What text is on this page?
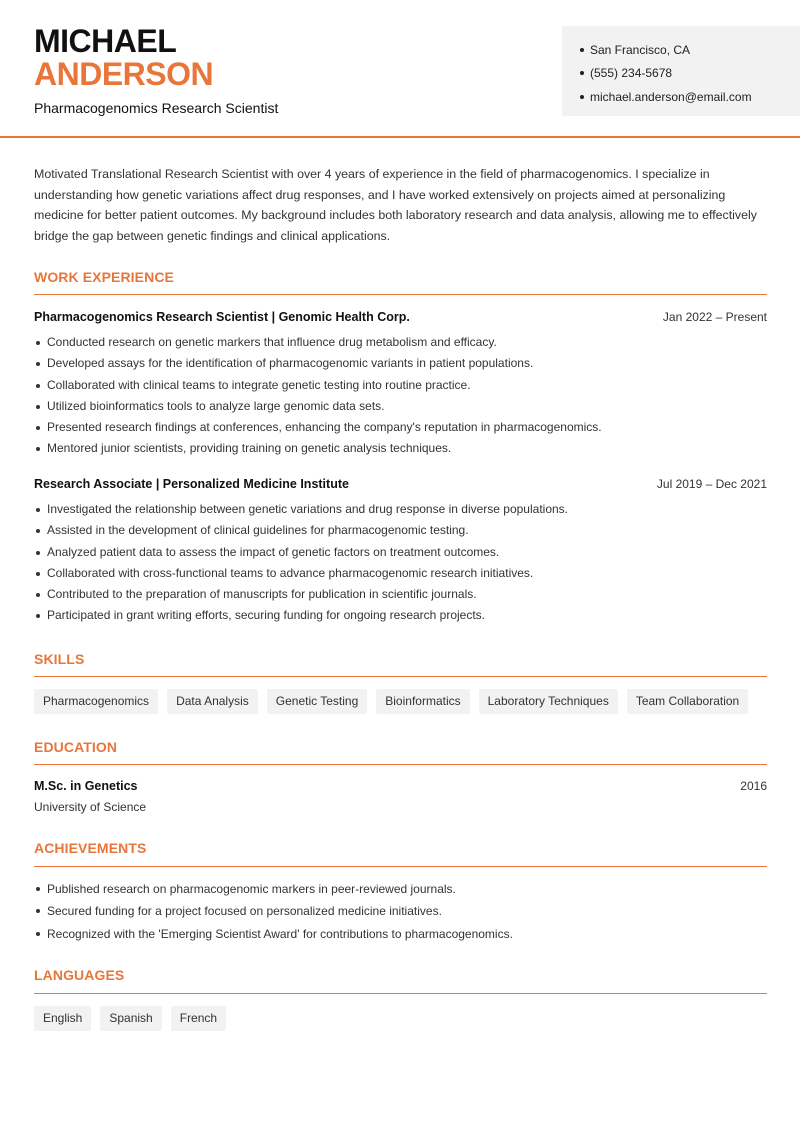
MICHAEL
ANDERSON
Pharmacogenomics Research Scientist
San Francisco, CA
(555) 234-5678
michael.anderson@email.com

Motivated Translational Research Scientist with over 4 years of experience in the field of pharmacogenomics. I specialize in understanding how genetic variations affect drug responses, and I have worked extensively on projects aimed at personalizing medicine for better patient outcomes. My background includes both laboratory research and data analysis, allowing me to effectively bridge the gap between genetic findings and clinical applications.

WORK EXPERIENCE
Pharmacogenomics Research Scientist | Genomic Health Corp.	Jan 2022 – Present
Conducted research on genetic markers that influence drug metabolism and efficacy.
Developed assays for the identification of pharmacogenomic variants in patient populations.
Collaborated with clinical teams to integrate genetic testing into routine practice.
Utilized bioinformatics tools to analyze large genomic data sets.
Presented research findings at conferences, enhancing the company's reputation in pharmacogenomics.
Mentored junior scientists, providing training on genetic analysis techniques.
Research Associate | Personalized Medicine Institute	Jul 2019 – Dec 2021
Investigated the relationship between genetic variations and drug response in diverse populations.
Assisted in the development of clinical guidelines for pharmacogenomic testing.
Analyzed patient data to assess the impact of genetic factors on treatment outcomes.
Collaborated with cross-functional teams to advance pharmacogenomic research initiatives.
Contributed to the preparation of manuscripts for publication in scientific journals.
Participated in grant writing efforts, securing funding for ongoing research projects.
SKILLS
Pharmacogenomics	Data Analysis	Genetic Testing	Bioinformatics	Laboratory Techniques	Team Collaboration
EDUCATION
M.Sc. in Genetics	2016
University of Science
ACHIEVEMENTS
Published research on pharmacogenomic markers in peer-reviewed journals.
Secured funding for a project focused on personalized medicine initiatives.
Recognized with the 'Emerging Scientist Award' for contributions to pharmacogenomics.
LANGUAGES
English	Spanish	French
